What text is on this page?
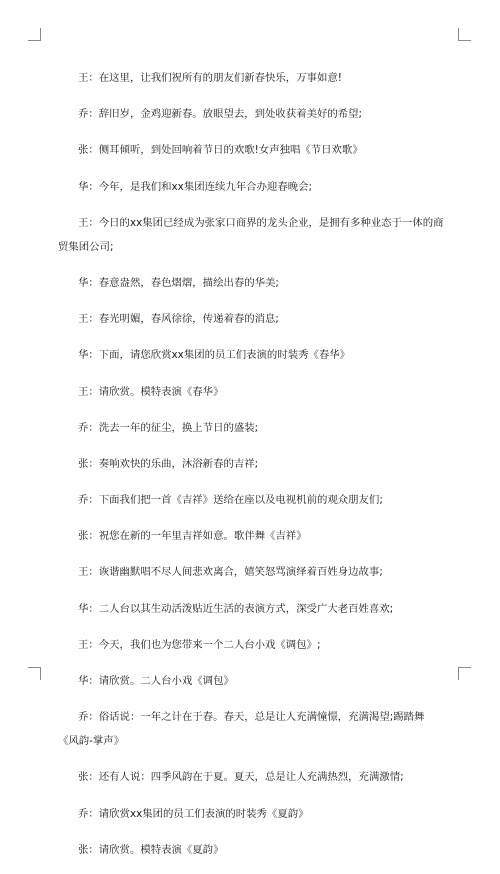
王：在这里，让我们祝所有的朋友们新春快乐，万事如意!

乔：辞旧岁，金鸡迎新春。放眼望去，到处收获着美好的希望;

张：侧耳倾听，到处回响着节日的欢歌!女声独唱《节日欢歌》

华：今年，是我们和xx集团连续九年合办迎春晚会;

王：今日的xx集团已经成为张家口商界的龙头企业，是拥有多种业态于一体的商贸集团公司;

华：春意盎然，春色熠熠，描绘出春的华美;

王：春光明媚，春风徐徐，传递着春的消息;

华：下面，请您欣赏xx集团的员工们表演的时装秀《春华》

王：请欣赏。模特表演《春华》

乔：洗去一年的征尘，换上节日的盛装;

张：奏响欢快的乐曲，沐浴新春的吉祥;

乔：下面我们把一首《吉祥》送给在座以及电视机前的观众朋友们;

张：祝您在新的一年里吉祥如意。歌伴舞《吉祥》

王：诙谐幽默唱不尽人间悲欢离合，嬉笑怒骂演绎着百姓身边故事;

华：二人台以其生动活泼贴近生活的表演方式，深受广大老百姓喜欢;

王：今天，我们也为您带来一个二人台小戏《调包》;

华：请欣赏。二人台小戏《调包》

乔：俗话说：一年之计在于春。春天，总是让人充满憧憬，充满渴望;踢踏舞《风韵-掌声》

张：还有人说：四季风韵在于夏。夏天，总是让人充满热烈，充满激情;

乔：请欣赏xx集团的员工们表演的时装秀《夏韵》

张：请欣赏。模特表演《夏韵》
